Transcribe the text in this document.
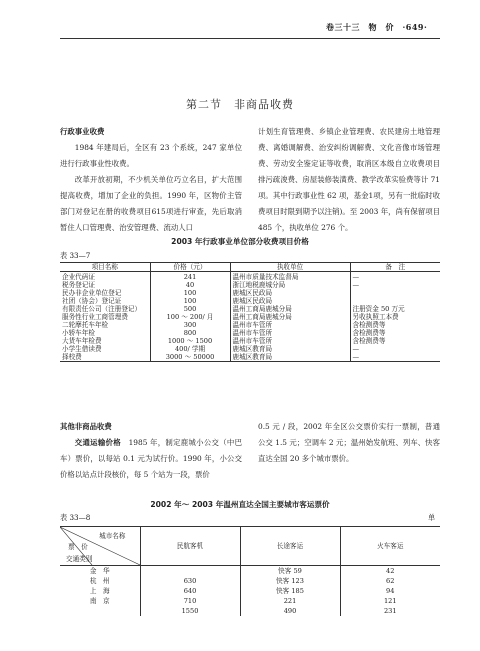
卷三十三　物　价　·649·
第二节　非商品收费

行政事业收费

1984 年建局后，全区有 23 个系统，247 家单位进行行政事业性收费。

改革开放初期，不少机关单位巧立名目，扩大范围提高收费，增加了企业的负担。1990 年，区物价主管部门对登记在册的收费项目615项进行审查，先后取消暂住人口管理费、治安管理费、流动人口

计划生育管理费、乡镇企业管理费、农民建房土地管理费、离婚调解费、治安纠纷调解费、文化音像市场管理费、劳动安全鉴定证等收费，取消区本级自立收费项目排污疏浚费、房屋装修装潢费、教学改革实验费等计 71 项。其中行政事业性 62 项，基金1项，另有一批临时收费项目时限到期予以注销)。至 2003 年，尚有保留项目 485 个，执收单位 276 个。

2003 年行政事业单位部分收费项目价格
表 33—7
项目名称	价格（元）	执收单位	备　注
企业代码证	241	温州市质量技术监督局	—
税务登记证	40	浙江地税鹿城分局	—
民办非企业单位登记	100	鹿城区民政局	
社团（协会）登记证	100	鹿城区民政局	
有限责任公司（注册登记）	500	温州工商局鹿城分局	注册资金 50 万元
服务性行业工商管理费	100 ～ 200/ 月	温州工商局鹿城分局	另收执照工本费
二轮摩托车年检	300	温州市车管所	含检测费等
小轿车年检	800	温州市车管所	含检测费等
大货车年检费	1000 ～ 1500	温州市车管所	含检测费等
小学生借读费	400/ 学期	鹿城区教育局	—
择校费	3000 ～ 50000	鹿城区教育局	—

其他非商品收费

交通运输价格　 1985 年，制定鹿城小公交（中巴车）票价，以每站 0.1 元为试行价。1990 年，小公交价格以站点计段核价，每 5 个站为一段，票价

0.5 元 / 段，2002 年全区公交票价实行一票制，普通公交 1.5 元；空调车 2 元；温州始发航班、列车、快客直达全国 20 多个城市票价。

2002 年～ 2003 年温州直达全国主要城市客运票价
表 33—8	单
城市名称
票　价
交通类别	民航客机	长途客运	火车客运
金　华		快客 59	42
杭　州	630	快客 123	62
上　海	640	快客 185	94
南　京	710	221	121
	1550	490	231
